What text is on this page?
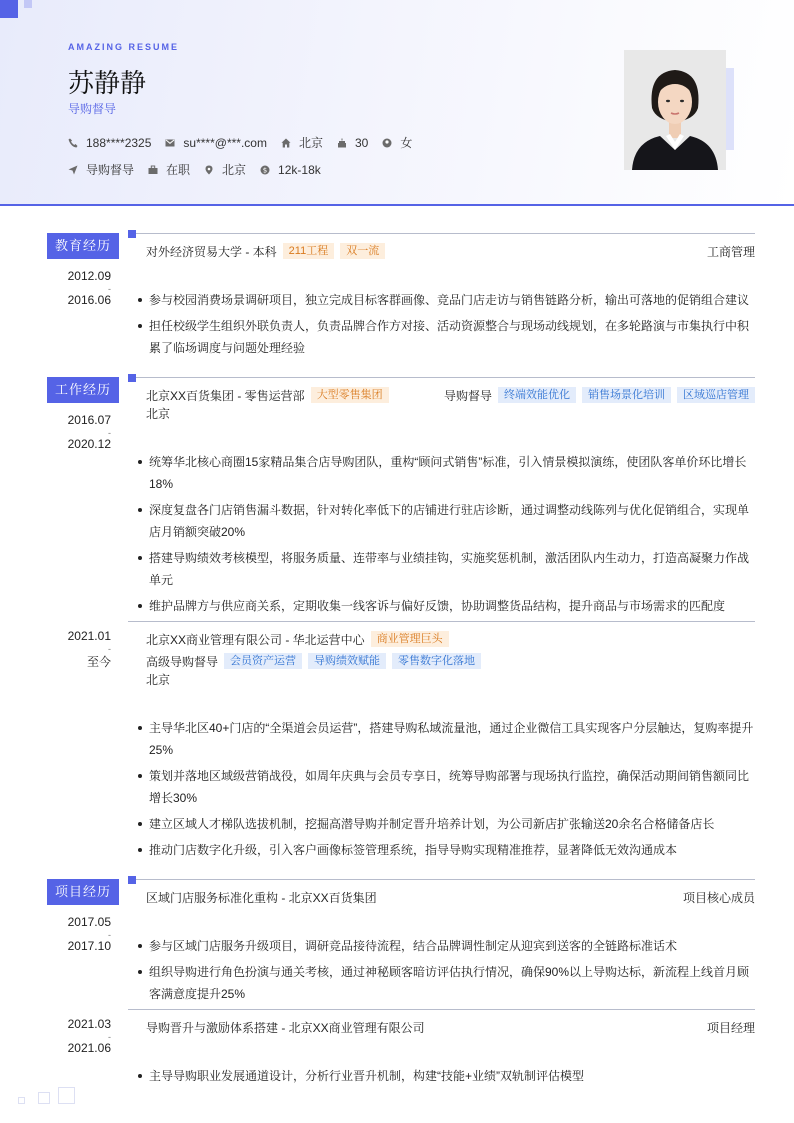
AMAZING RESUME
苏静静
导购督导
188****2325	su****@***.com	北京	30	女
导购督导	在职	北京 $ 12k-18k
教育经历
2012.09
-
2016.06
对外经济贸易大学 - 本科	211工程	双一流	工商管理
参与校园消费场景调研项目，独立完成目标客群画像、竞品门店走访与销售链路分析，输出可落地的促销组合建议
担任校级学生组织外联负责人，负责品牌合作方对接、活动资源整合与现场动线规划，在多轮路演与市集执行中积累了临场调度与问题处理经验
工作经历
2016.07
-
2020.12
北京XX百货集团 - 零售运营部	大型零售集团	导购督导	终端效能优化	销售场景化培训	区域巡店管理
北京
统筹华北核心商圈15家精品集合店导购团队，重构“顾问式销售”标准，引入情景模拟演练，使团队客单价环比增长18%
深度复盘各门店销售漏斗数据，针对转化率低下的店铺进行驻店诊断，通过调整动线陈列与优化促销组合，实现单店月销额突破20%
搭建导购绩效考核模型，将服务质量、连带率与业绩挂钩，实施奖惩机制，激活团队内生动力，打造高凝聚力作战单元
维护品牌方与供应商关系，定期收集一线客诉与偏好反馈，协助调整货品结构，提升商品与市场需求的匹配度
2021.01
-
至今
北京XX商业管理有限公司 - 华北运营中心	商业管理巨头
高级导购督导	会员资产运营	导购绩效赋能	零售数字化落地
北京
主导华北区40+门店的“全渠道会员运营”，搭建导购私域流量池，通过企业微信工具实现客户分层触达，复购率提升25%
策划并落地区域级营销战役，如周年庆典与会员专享日，统筹导购部署与现场执行监控，确保活动期间销售额同比增长30%
建立区域人才梯队选拔机制，挖掘高潜导购并制定晋升培养计划，为公司新店扩张输送20余名合格储备店长
推动门店数字化升级，引入客户画像标签管理系统，指导导购实现精准推荐，显著降低无效沟通成本
项目经历
2017.05
-
2017.10
区域门店服务标准化重构 - 北京XX百货集团	项目核心成员
参与区域门店服务升级项目，调研竞品接待流程，结合品牌调性制定从迎宾到送客的全链路标准话术
组织导购进行角色扮演与通关考核，通过神秘顾客暗访评估执行情况，确保90%以上导购达标，新流程上线首月顾客满意度提升25%
2021.03
-
2021.06
导购晋升与激励体系搭建 - 北京XX商业管理有限公司	项目经理
主导导购职业发展通道设计，分析行业晋升机制，构建“技能+业绩”双轨制评估模型
